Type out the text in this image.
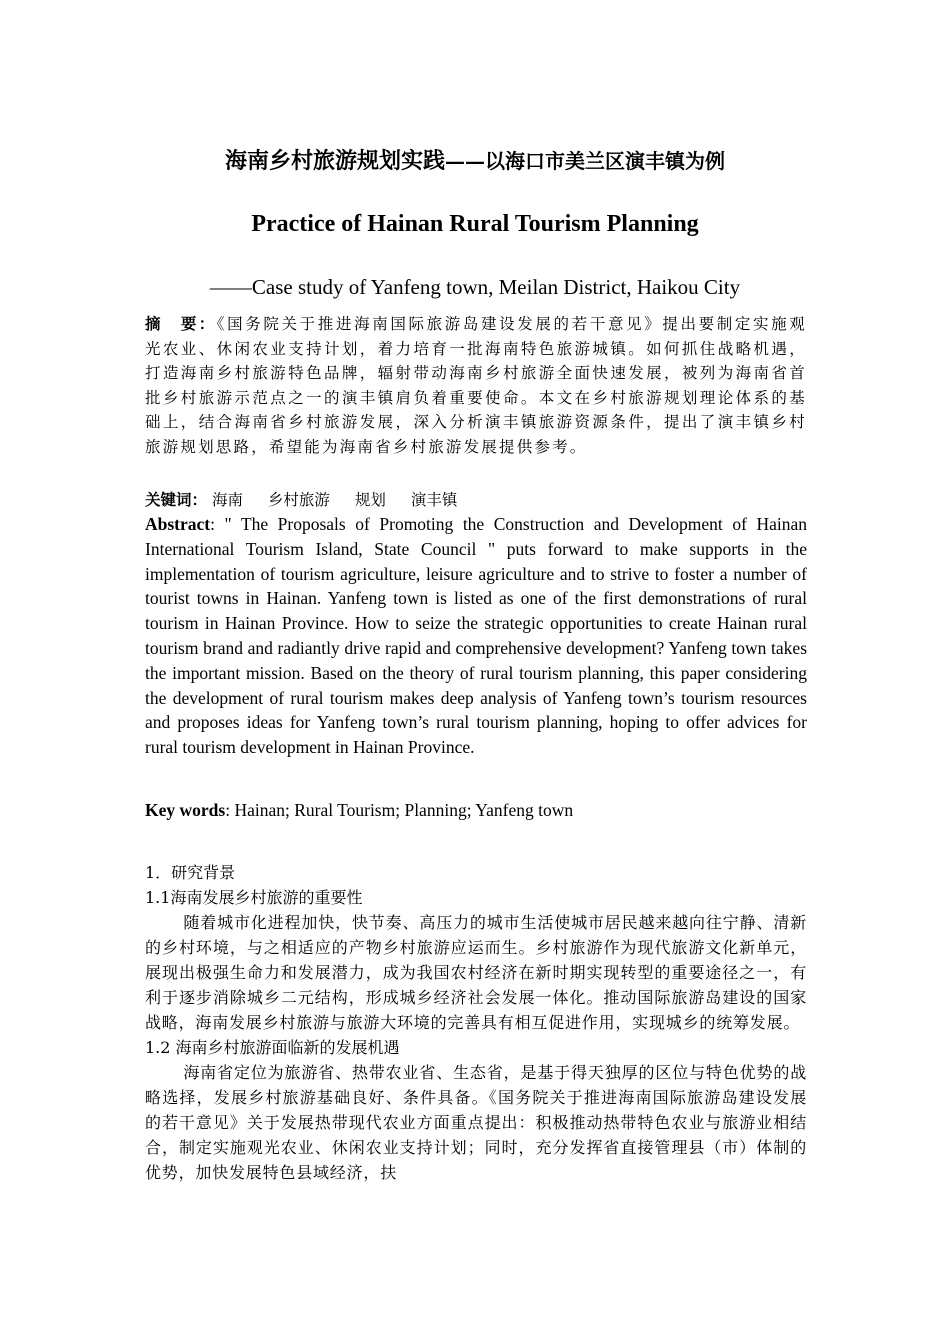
海南乡村旅游规划实践——以海口市美兰区演丰镇为例
Practice of Hainan Rural Tourism Planning
——Case study of Yanfeng town, Meilan District, Haikou City
摘　要：《国务院关于推进海南国际旅游岛建设发展的若干意见》提出要制定实施观光农业、休闲农业支持计划，着力培育一批海南特色旅游城镇。如何抓住战略机遇，打造海南乡村旅游特色品牌，辐射带动海南乡村旅游全面快速发展，被列为海南省首批乡村旅游示范点之一的演丰镇肩负着重要使命。本文在乡村旅游规划理论体系的基础上，结合海南省乡村旅游发展，深入分析演丰镇旅游资源条件，提出了演丰镇乡村旅游规划思路，希望能为海南省乡村旅游发展提供参考。
关键词： 海南 乡村旅游 规划 演丰镇
Abstract: " The Proposals of Promoting the Construction and Development of Hainan International Tourism Island, State Council " puts forward to make supports in the implementation of tourism agriculture, leisure agriculture and to strive to foster a number of tourist towns in Hainan. Yanfeng town is listed as one of the first demonstrations of rural tourism in Hainan Province. How to seize the strategic opportunities to create Hainan rural tourism brand and radiantly drive rapid and comprehensive development? Yanfeng town takes the important mission. Based on the theory of rural tourism planning, this paper considering the development of rural tourism makes deep analysis of Yanfeng town’s tourism resources and proposes ideas for Yanfeng town’s rural tourism planning, hoping to offer advices for rural tourism development in Hainan Province.
Key words: Hainan; Rural Tourism; Planning; Yanfeng town
1．研究背景
1.1海南发展乡村旅游的重要性

随着城市化进程加快，快节奏、高压力的城市生活使城市居民越来越向往宁静、清新的乡村环境，与之相适应的产物乡村旅游应运而生。乡村旅游作为现代旅游文化新单元，展现出极强生命力和发展潜力，成为我国农村经济在新时期实现转型的重要途径之一，有利于逐步消除城乡二元结构，形成城乡经济社会发展一体化。推动国际旅游岛建设的国家战略，海南发展乡村旅游与旅游大环境的完善具有相互促进作用，实现城乡的统筹发展。

1.2 海南乡村旅游面临新的发展机遇

海南省定位为旅游省、热带农业省、生态省，是基于得天独厚的区位与特色优势的战略选择，发展乡村旅游基础良好、条件具备。《国务院关于推进海南国际旅游岛建设发展的若干意见》关于发展热带现代农业方面重点提出：积极推动热带特色农业与旅游业相结合，制定实施观光农业、休闲农业支持计划；同时，充分发挥省直接管理县（市）体制的优势，加快发展特色县域经济，扶
